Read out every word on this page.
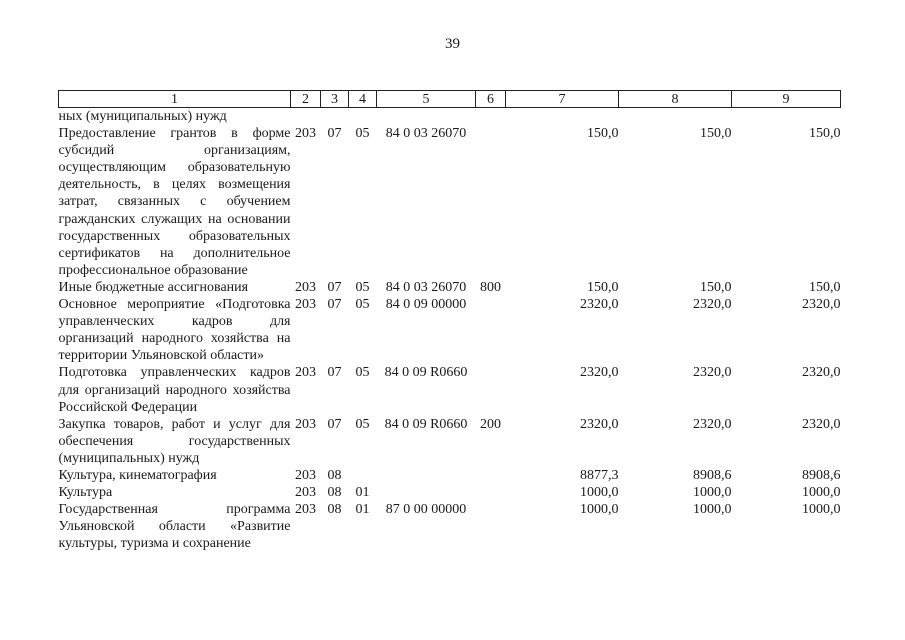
39
1	2	3	4	5	6	7	8	9
ных (муниципальных) нужд								
Предоставление грантов в форме субсидий организациям, осуществляющим образовательную деятельность, в целях возмещения затрат, связанных с обучением гражданских служащих на основании государственных образовательных сертификатов на дополнительное профессиональное образование	203	07	05	84 0 03 26070		150,0	150,0	150,0
Иные бюджетные ассигнования	203	07	05	84 0 03 26070	800	150,0	150,0	150,0
Основное мероприятие «Подготовка управленческих кадров для организаций народного хозяйства на территории Ульяновской области»	203	07	05	84 0 09 00000		2320,0	2320,0	2320,0
Подготовка управленческих кадров для организаций народного хозяйства Российской Федерации	203	07	05	84 0 09 R0660		2320,0	2320,0	2320,0
Закупка товаров, работ и услуг для обеспечения государственных (муниципальных) нужд	203	07	05	84 0 09 R0660	200	2320,0	2320,0	2320,0
Культура, кинематография	203	08				8877,3	8908,6	8908,6
Культура	203	08	01			1000,0	1000,0	1000,0
Государственная программа Ульяновской области «Развитие культуры, туризма и сохранение	203	08	01	87 0 00 00000		1000,0	1000,0	1000,0
